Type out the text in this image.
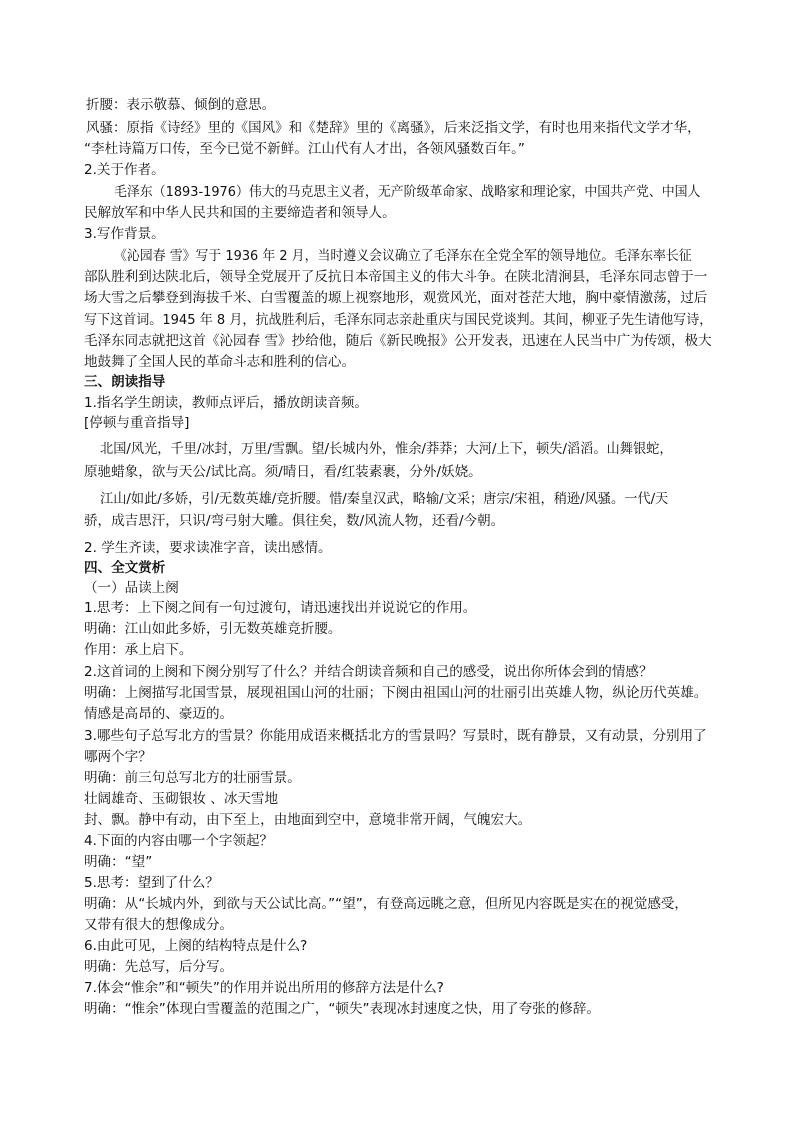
折腰：表示敬慕、倾倒的意思。
风骚：原指《诗经》里的《国风》和《楚辞》里的《离骚》，后来泛指文学，有时也用来指代文学才华，
“李杜诗篇万口传，至今已觉不新鲜。江山代有人才出，各领风骚数百年。”
2.关于作者。
毛泽东（1893-1976）伟大的马克思主义者，无产阶级革命家、战略家和理论家，中国共产党、中国人
民解放军和中华人民共和国的主要缔造者和领导人。
3.写作背景。
《沁园春 雪》写于 1936 年 2 月，当时遵义会议确立了毛泽东在全党全军的领导地位。毛泽东率长征
部队胜利到达陕北后，领导全党展开了反抗日本帝国主义的伟大斗争。在陕北清涧县，毛泽东同志曾于一
场大雪之后攀登到海拔千米、白雪覆盖的塬上视察地形，观赏风光，面对苍茫大地，胸中豪情激荡，过后
写下这首词。1945 年 8 月，抗战胜利后，毛泽东同志亲赴重庆与国民党谈判。其间，柳亚子先生请他写诗，
毛泽东同志就把这首《沁园春 雪》抄给他，随后《新民晚报》公开发表，迅速在人民当中广为传颂，极大
地鼓舞了全国人民的革命斗志和胜利的信心。
三、朗读指导
1.指名学生朗读，教师点评后，播放朗读音频。
[停顿与重音指导]
北国/风光，千里/冰封，万里/雪飘。望/长城内外，惟余/莽莽；大河/上下，顿失/滔滔。山舞银蛇，
原驰蜡象，欲与天公/试比高。须/晴日，看/红装素裹，分外/妖娆。
江山/如此/多娇，引/无数英雄/竞折腰。惜/秦皇汉武，略输/文采；唐宗/宋祖，稍逊/风骚。一代/天
骄，成吉思汗，只识/弯弓射大雕。俱往矣，数/风流人物，还看/今朝。
2. 学生齐读，要求读准字音，读出感情。
四、全文赏析
（一）品读上阕
1.思考：上下阕之间有一句过渡句，请迅速找出并说说它的作用。
明确：江山如此多娇，引无数英雄竞折腰。
作用：承上启下。
2.这首词的上阕和下阕分别写了什么？并结合朗读音频和自己的感受，说出你所体会到的情感？
明确：上阕描写北国雪景，展现祖国山河的壮丽；下阕由祖国山河的壮丽引出英雄人物，纵论历代英雄。
情感是高昂的、豪迈的。
3.哪些句子总写北方的雪景？你能用成语来概括北方的雪景吗？写景时，既有静景，又有动景，分别用了
哪两个字？
明确：前三句总写北方的壮丽雪景。
壮阔雄奇、玉砌银妆 、冰天雪地
封、飘。静中有动，由下至上，由地面到空中，意境非常开阔，气魄宏大。
4.下面的内容由哪一个字领起？
明确：“望”
5.思考：望到了什么？
明确：从“长城内外，到欲与天公试比高。”“望”，有登高远眺之意，但所见内容既是实在的视觉感受，
又带有很大的想像成分。
6.由此可见，上阕的结构特点是什么?
明确：先总写，后分写。
7.体会“惟余”和“顿失”的作用并说出所用的修辞方法是什么?
明确：“惟余”体现白雪覆盖的范围之广，“顿失”表现冰封速度之快，用了夸张的修辞。
